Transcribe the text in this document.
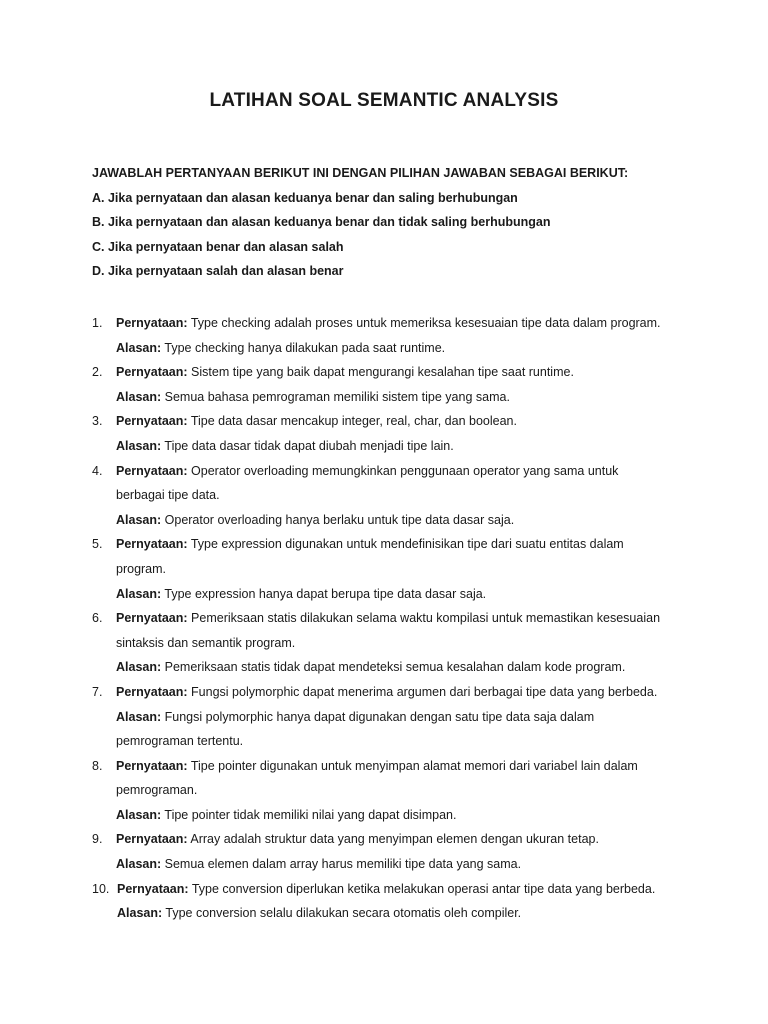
LATIHAN SOAL SEMANTIC ANALYSIS
JAWABLAH PERTANYAAN BERIKUT INI DENGAN PILIHAN JAWABAN SEBAGAI BERIKUT:
A. Jika pernyataan dan alasan keduanya benar dan saling berhubungan
B. Jika pernyataan dan alasan keduanya benar dan tidak saling berhubungan
C. Jika pernyataan benar dan alasan salah
D. Jika pernyataan salah dan alasan benar
1. Pernyataan: Type checking adalah proses untuk memeriksa kesesuaian tipe data dalam program.
Alasan: Type checking hanya dilakukan pada saat runtime.
2. Pernyataan: Sistem tipe yang baik dapat mengurangi kesalahan tipe saat runtime.
Alasan: Semua bahasa pemrograman memiliki sistem tipe yang sama.
3. Pernyataan: Tipe data dasar mencakup integer, real, char, dan boolean.
Alasan: Tipe data dasar tidak dapat diubah menjadi tipe lain.
4. Pernyataan: Operator overloading memungkinkan penggunaan operator yang sama untuk
berbagai tipe data.
Alasan: Operator overloading hanya berlaku untuk tipe data dasar saja.
5. Pernyataan: Type expression digunakan untuk mendefinisikan tipe dari suatu entitas dalam
program.
Alasan: Type expression hanya dapat berupa tipe data dasar saja.
6. Pernyataan: Pemeriksaan statis dilakukan selama waktu kompilasi untuk memastikan kesesuaian
sintaksis dan semantik program.
Alasan: Pemeriksaan statis tidak dapat mendeteksi semua kesalahan dalam kode program.
7. Pernyataan: Fungsi polymorphic dapat menerima argumen dari berbagai tipe data yang berbeda.
Alasan: Fungsi polymorphic hanya dapat digunakan dengan satu tipe data saja dalam
pemrograman tertentu.
8. Pernyataan: Tipe pointer digunakan untuk menyimpan alamat memori dari variabel lain dalam
pemrograman.
Alasan: Tipe pointer tidak memiliki nilai yang dapat disimpan.
9. Pernyataan: Array adalah struktur data yang menyimpan elemen dengan ukuran tetap.
Alasan: Semua elemen dalam array harus memiliki tipe data yang sama.
10. Pernyataan: Type conversion diperlukan ketika melakukan operasi antar tipe data yang berbeda.
Alasan: Type conversion selalu dilakukan secara otomatis oleh compiler.
